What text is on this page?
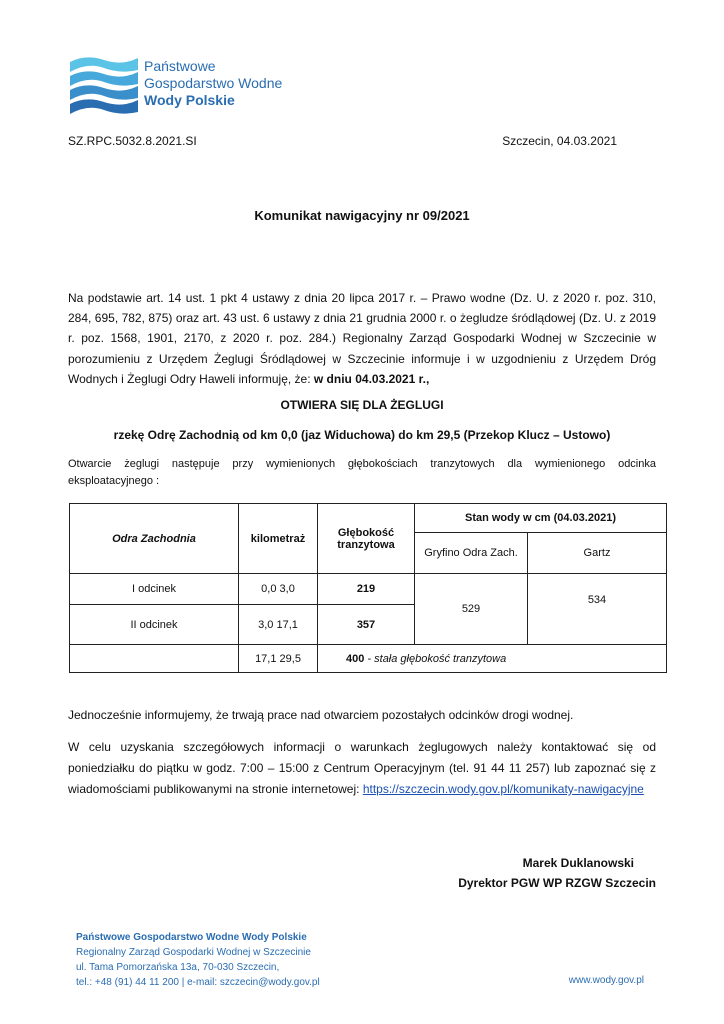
Państwowe
Gospodarstwo Wodne
Wody Polskie
SZ.RPC.5032.8.2021.SI	Szczecin, 04.03.2021
Komunikat nawigacyjny nr 09/2021
Na podstawie art. 14 ust. 1 pkt 4 ustawy z dnia 20 lipca 2017 r. – Prawo wodne (Dz. U. z 2020 r. poz. 310, 284, 695, 782, 875) oraz art. 43 ust. 6 ustawy z dnia 21 grudnia 2000 r. o żegludze śródlądowej (Dz. U. z 2019 r. poz. 1568, 1901, 2170, z 2020 r. poz. 284.) Regionalny Zarząd Gospodarki Wodnej w Szczecinie w porozumieniu z Urzędem Żeglugi Śródlądowej w Szczecinie informuje i w uzgodnieniu z Urzędem Dróg Wodnych i Żeglugi Odry Haweli informuję, że: w dniu 04.03.2021 r.,
OTWIERA SIĘ DLA ŻEGLUGI
rzekę Odrę Zachodnią od km 0,0 (jaz Widuchowa) do km 29,5 (Przekop Klucz – Ustowo)
Otwarcie żeglugi następuje przy wymienionych głębokościach tranzytowych dla wymienionego odcinka eksploatacyjnego :
Odra Zachodnia	kilometraż	Głębokość tranzytowa	Stan wody w cm (04.03.2021)	
			Gryfino Odra Zach.	Gartz
I odcinek	0,0 3,0	219	529	534
II odcinek	3,0 17,1	357		
	17,1 29,5	400 - stała głębokość tranzytowa		
Jednocześnie informujemy, że trwają prace nad otwarciem pozostałych odcinków drogi wodnej.
W celu uzyskania szczegółowych informacji o warunkach żeglugowych należy kontaktować się od poniedziałku do piątku w godz. 7:00 – 15:00 z Centrum Operacyjnym (tel. 91 44 11 257) lub zapoznać się z wiadomościami publikowanymi na stronie internetowej: https://szczecin.wody.gov.pl/komunikaty-nawigacyjne
Marek Duklanowski
Dyrektor PGW WP RZGW Szczecin
Państwowe Gospodarstwo Wodne Wody Polskie
Regionalny Zarząd Gospodarki Wodnej w Szczecinie
ul. Tama Pomorzańska 13a, 70-030 Szczecin,
tel.: +48 (91) 44 11 200 | e-mail: szczecin@wody.gov.pl	www.wody.gov.pl
